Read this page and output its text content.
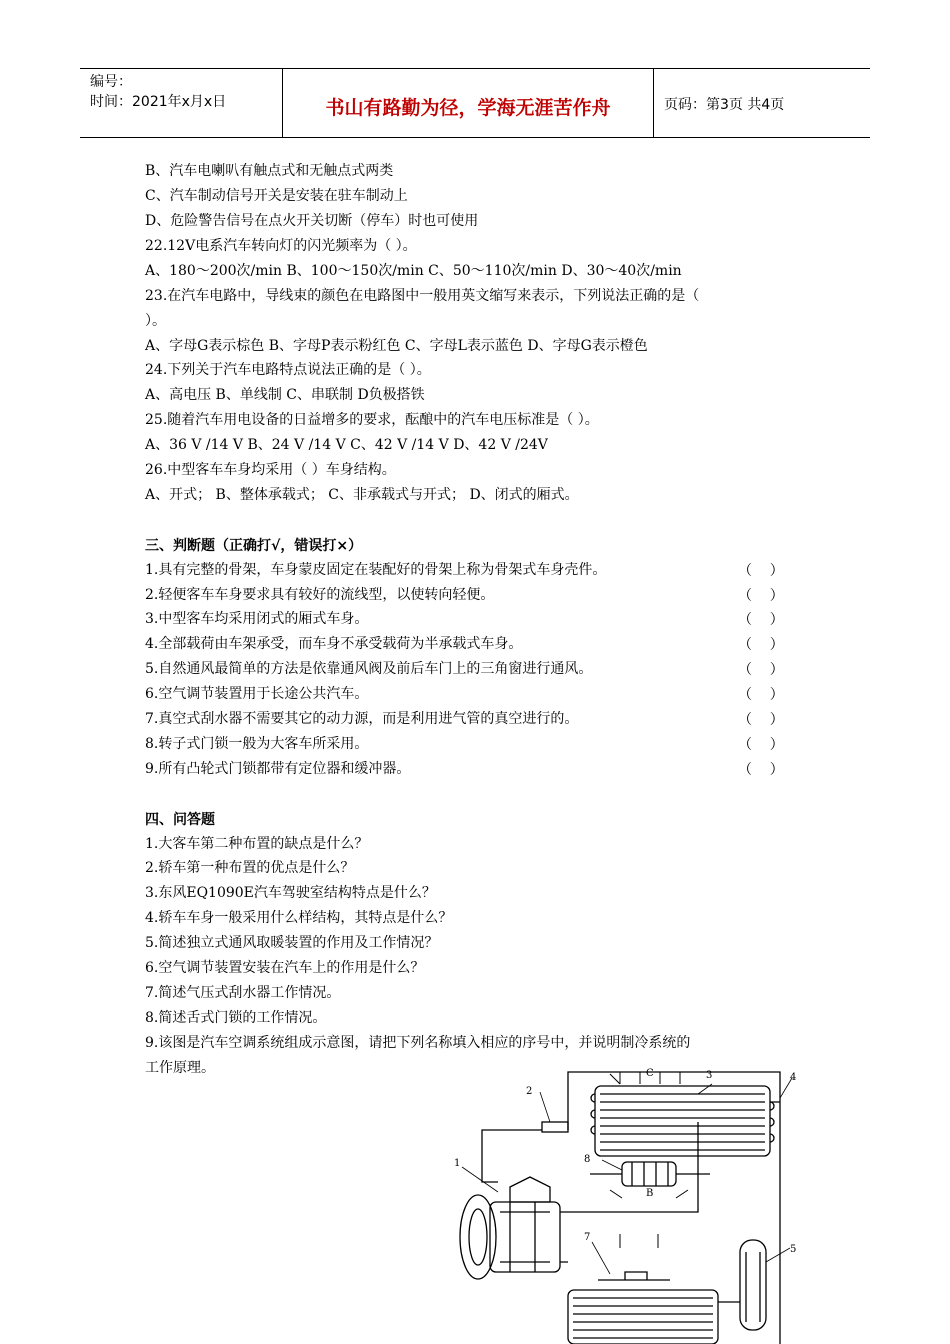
编号：
时间：2021年x月x日	书山有路勤为径，学海无涯苦作舟	页码：第3页 共4页
B、汽车电喇叭有触点式和无触点式两类
C、汽车制动信号开关是安装在驻车制动上
D、危险警告信号在点火开关切断（停车）时也可使用
22.12V电系汽车转向灯的闪光频率为（ ）。
A、180～200次/min B、100～150次/min C、50～110次/min D、30～40次/min
23.在汽车电路中，导线束的颜色在电路图中一般用英文缩写来表示，下列说法正确的是（
）。
A、字母G表示棕色 B、字母P表示粉红色 C、字母L表示蓝色 D、字母G表示橙色
24.下列关于汽车电路特点说法正确的是（ ）。
A、高电压 B、单线制 C、串联制 D负极搭铁
25.随着汽车用电设备的日益增多的要求，酝酿中的汽车电压标准是（ ）。
A、36 V /14 V B、24 V /14 V C、42 V /14 V D、42 V /24V
26.中型客车车身均采用（ ）车身结构。
A、开式； B、整体承载式； C、非承载式与开式； D、闭式的厢式。
三、判断题（正确打√，错误打×）
1.具有完整的骨架，车身蒙皮固定在装配好的骨架上称为骨架式车身壳件。	（    ）
2.轻便客车车身要求具有较好的流线型，以使转向轻便。	（    ）
3.中型客车均采用闭式的厢式车身。	（    ）
4.全部载荷由车架承受，而车身不承受载荷为半承载式车身。	（    ）
5.自然通风最简单的方法是依靠通风阀及前后车门上的三角窗进行通风。	（    ）
6.空气调节装置用于长途公共汽车。	（    ）
7.真空式刮水器不需要其它的动力源，而是利用进气管的真空进行的。	（    ）
8.转子式门锁一般为大客车所采用。	（    ）
9.所有凸轮式门锁都带有定位器和缓冲器。	（    ）
四、问答题
1.大客车第二种布置的缺点是什么？
2.轿车第一种布置的优点是什么？
3.东风EQ1090E汽车驾驶室结构特点是什么？
4.轿车车身一般采用什么样结构，其特点是什么？
5.简述独立式通风取暖装置的作用及工作情况？
6.空气调节装置安装在汽车上的作用是什么？
7.简述气压式刮水器工作情况。
8.简述舌式门锁的工作情况。
9.该图是汽车空调系统组成示意图，请把下列名称填入相应的序号中，并说明制冷系统的
工作原理。
1
2
3	4
5
7
8
B
C
